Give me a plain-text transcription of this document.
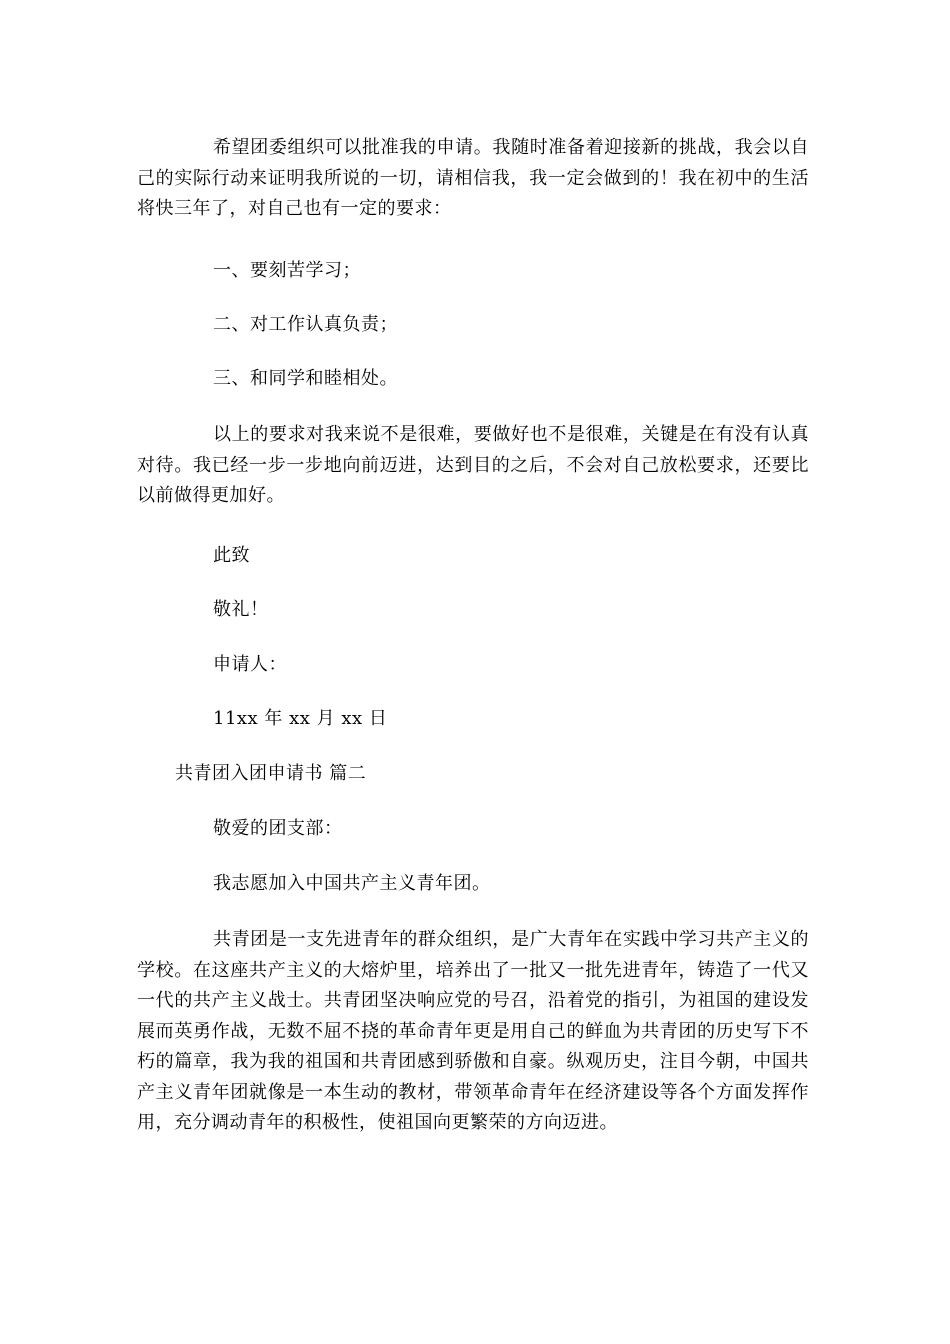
希望团委组织可以批准我的申请。我随时准备着迎接新的挑战，我会以自己的实际行动来证明我所说的一切，请相信我，我一定会做到的！我在初中的生活将快三年了，对自己也有一定的要求：

一、要刻苦学习；

二、对工作认真负责；

三、和同学和睦相处。

以上的要求对我来说不是很难，要做好也不是很难，关键是在有没有认真对待。我已经一步一步地向前迈进，达到目的之后，不会对自己放松要求，还要比以前做得更加好。

此致

敬礼！

申请人：

11xx 年 xx 月 xx 日

共青团入团申请书 篇二

敬爱的团支部：

我志愿加入中国共产主义青年团。

共青团是一支先进青年的群众组织，是广大青年在实践中学习共产主义的学校。在这座共产主义的大熔炉里，培养出了一批又一批先进青年，铸造了一代又一代的共产主义战士。共青团坚决响应党的号召，沿着党的指引，为祖国的建设发展而英勇作战，无数不屈不挠的革命青年更是用自己的鲜血为共青团的历史写下不朽的篇章，我为我的祖国和共青团感到骄傲和自豪。纵观历史，注目今朝，中国共产主义青年团就像是一本生动的教材，带领革命青年在经济建设等各个方面发挥作用，充分调动青年的积极性，使祖国向更繁荣的方向迈进。
